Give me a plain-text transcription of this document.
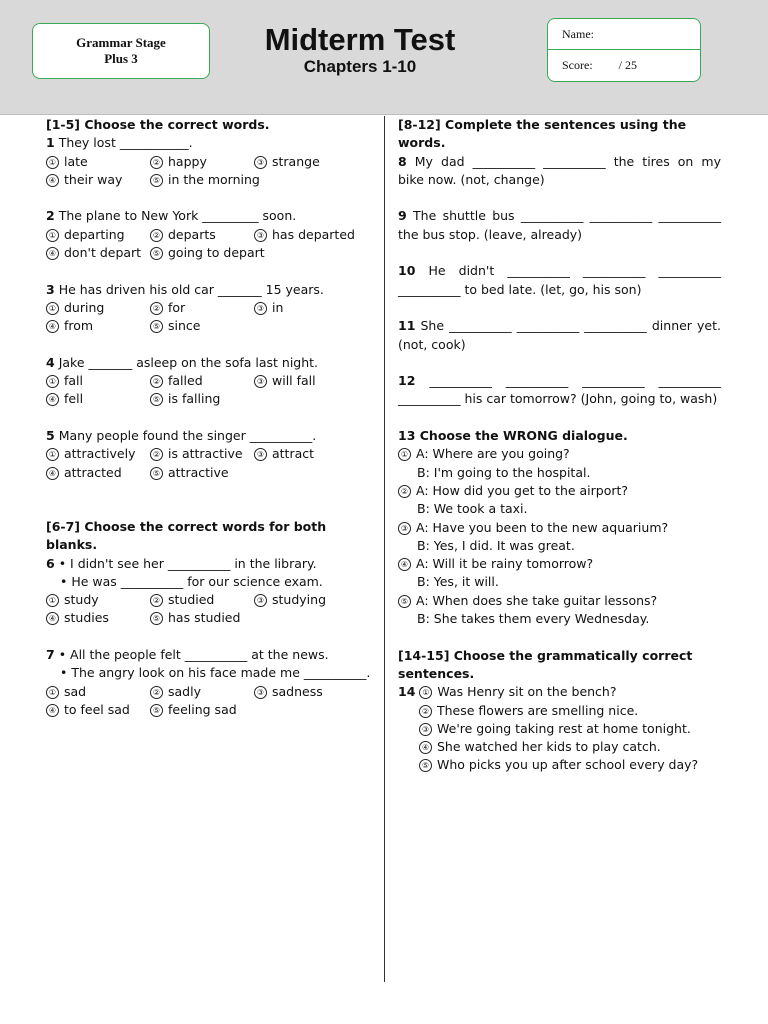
Grammar Stage
Plus 3
Midterm Test
Chapters 1-10
Name:
Score: / 25
[1-5] Choose the correct words.
1 They lost ___________.
① late	② happy	③ strange
④ their way	⑤ in the morning
2 The plane to New York _________ soon.
① departing	② departs	③ has departed
④ don't depart	⑤ going to depart
3 He has driven his old car _______ 15 years.
① during	② for	③ in
④ from	⑤ since
4 Jake _______ asleep on the sofa last night.
① fall	② falled	③ will fall
④ fell	⑤ is falling
5 Many people found the singer __________.
① attractively	② is attractive	③ attract
④ attracted	⑤ attractive
[6-7] Choose the correct words for both blanks.
6 • I didn't see her __________ in the library.
• He was __________ for our science exam.
① study	② studied	③ studying
④ studies	⑤ has studied
7 • All the people felt __________ at the news.
• The angry look on his face made me __________.
① sad	② sadly	③ sadness
④ to feel sad	⑤ feeling sad
[8-12] Complete the sentences using the words.
8 My dad __________ __________ the tires on my
bike now. (not, change)
9 The shuttle bus __________ __________ __________
the bus stop. (leave, already)
10 He didn't __________ __________ __________
__________ to bed late. (let, go, his son)
11 She __________ __________ __________ dinner yet.
(not, cook)
12 __________ __________ __________ __________
__________ his car tomorrow? (John, going to, wash)
13 Choose the WRONG dialogue.
① A: Where are you going?
B: I'm going to the hospital.
② A: How did you get to the airport?
B: We took a taxi.
③ A: Have you been to the new aquarium?
B: Yes, I did. It was great.
④ A: Will it be rainy tomorrow?
B: Yes, it will.
⑤ A: When does she take guitar lessons?
B: She takes them every Wednesday.
[14-15] Choose the grammatically correct
sentences.
14 ① Was Henry sit on the bench?
② These flowers are smelling nice.
③ We're going taking rest at home tonight.
④ She watched her kids to play catch.
⑤ Who picks you up after school every day?
